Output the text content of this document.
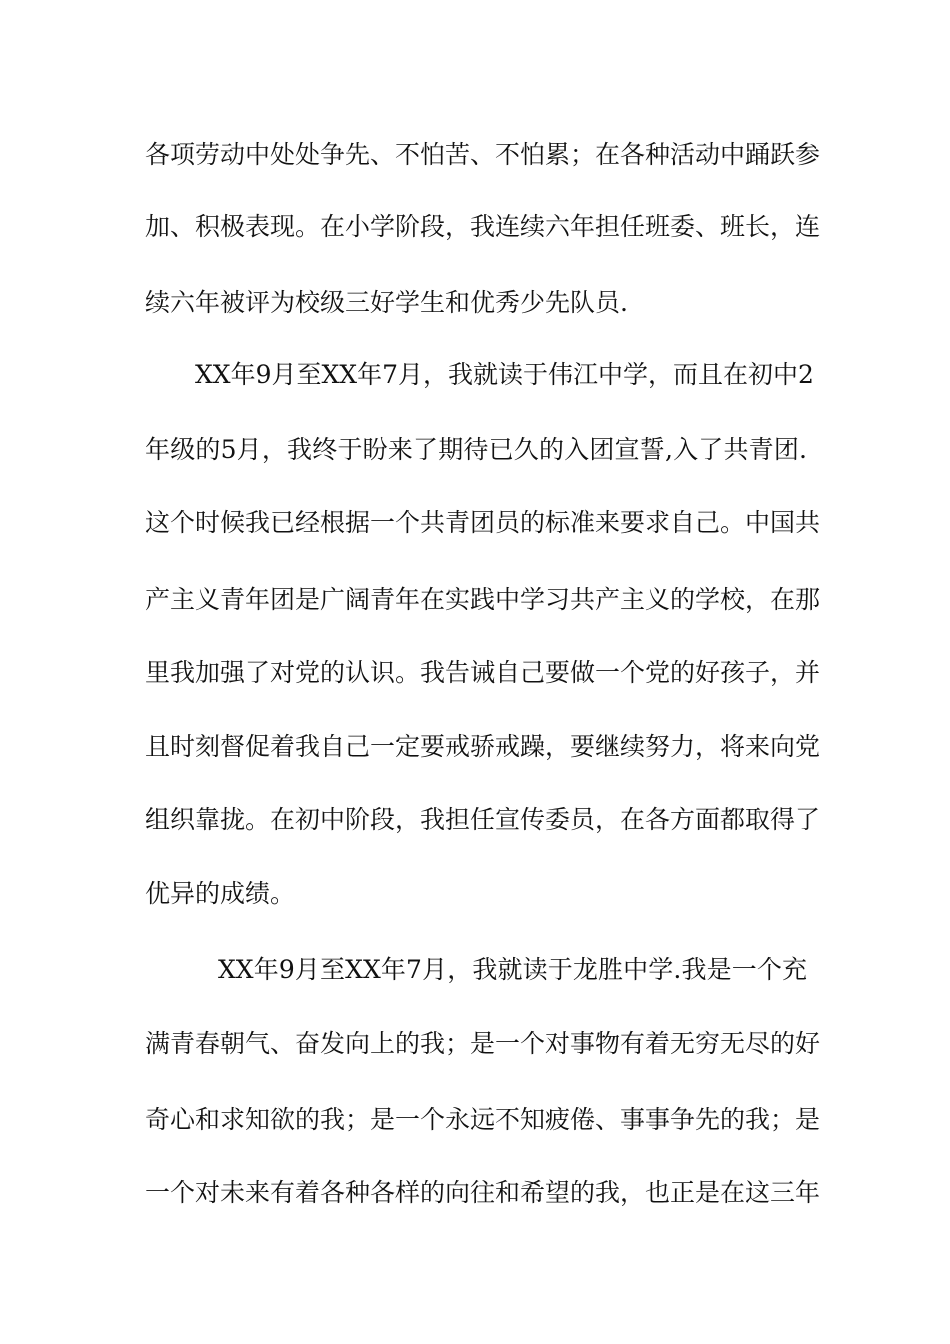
各项劳动中处处争先、不怕苦、不怕累；在各种活动中踊跃参
加、积极表现。在小学阶段，我连续六年担任班委、班长，连
续六年被评为校级三好学生和优秀少先队员.
XX年9月至XX年7月，我就读于伟江中学，而且在初中2
年级的5月，我终于盼来了期待已久的入团宣誓,入了共青团.
这个时候我已经根据一个共青团员的标准来要求自己。中国共
产主义青年团是广阔青年在实践中学习共产主义的学校，在那
里我加强了对党的认识。我告诫自己要做一个党的好孩子，并
且时刻督促着我自己一定要戒骄戒躁，要继续努力，将来向党
组织靠拢。在初中阶段，我担任宣传委员，在各方面都取得了
优异的成绩。
XX年9月至XX年7月，我就读于龙胜中学.我是一个充
满青春朝气、奋发向上的我；是一个对事物有着无穷无尽的好
奇心和求知欲的我；是一个永远不知疲倦、事事争先的我；是
一个对未来有着各种各样的向往和希望的我，也正是在这三年
